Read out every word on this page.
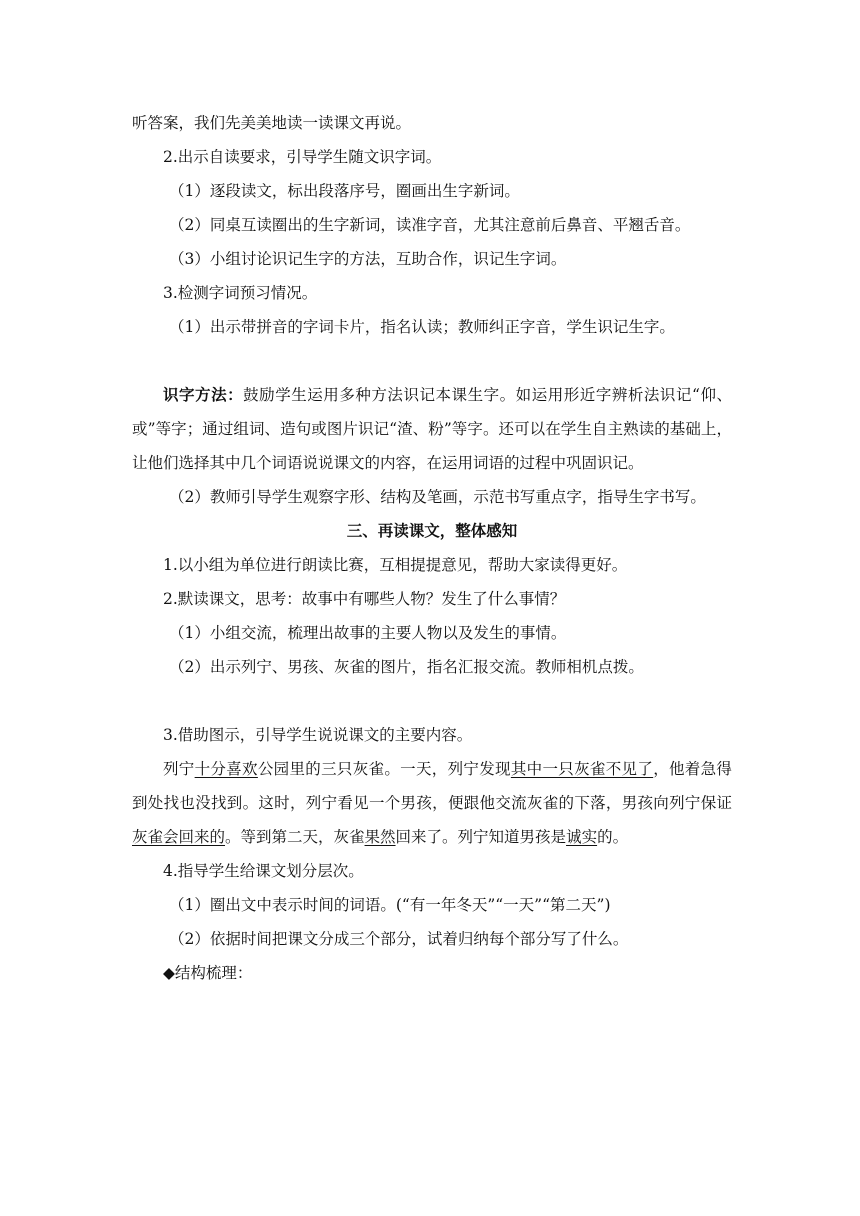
听答案，我们先美美地读一读课文再说。
2.出示自读要求，引导学生随文识字词。
（1）逐段读文，标出段落序号，圈画出生字新词。
（2）同桌互读圈出的生字新词，读准字音，尤其注意前后鼻音、平翘舌音。
（3）小组讨论识记生字的方法，互助合作，识记生字词。
3.检测字词预习情况。
（1）出示带拼音的字词卡片，指名认读；教师纠正字音，学生识记生字。
识字方法：鼓励学生运用多种方法识记本课生字。如运用形近字辨析法识记“仰、或”等字；通过组词、造句或图片识记“渣、粉”等字。还可以在学生自主熟读的基础上，让他们选择其中几个词语说说课文的内容，在运用词语的过程中巩固识记。
（2）教师引导学生观察字形、结构及笔画，示范书写重点字，指导生字书写。
三、再读课文，整体感知
1.以小组为单位进行朗读比赛，互相提提意见，帮助大家读得更好。
2.默读课文，思考：故事中有哪些人物？发生了什么事情？
（1）小组交流，梳理出故事的主要人物以及发生的事情。
（2）出示列宁、男孩、灰雀的图片，指名汇报交流。教师相机点拨。
3.借助图示，引导学生说说课文的主要内容。
列宁十分喜欢公园里的三只灰雀。一天，列宁发现其中一只灰雀不见了，他着急得到处找也没找到。这时，列宁看见一个男孩，便跟他交流灰雀的下落，男孩向列宁保证灰雀会回来的。等到第二天，灰雀果然回来了。列宁知道男孩是诚实的。
4.指导学生给课文划分层次。
（1）圈出文中表示时间的词语。(“有一年冬天”“一天”“第二天”)
（2）依据时间把课文分成三个部分，试着归纳每个部分写了什么。
◆结构梳理：
